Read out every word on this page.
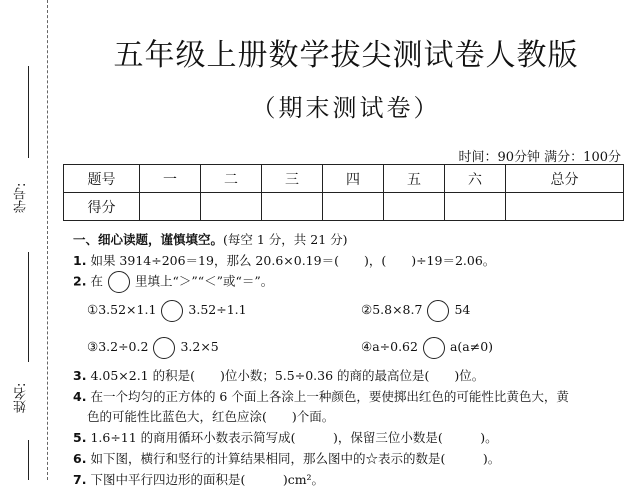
学号:
姓名:
五年级上册数学拔尖测试卷人教版
（期末测试卷）
时间：90分钟 满分：100分
题号	一	二	三	四	五	六	总分
得分							
一、细心读题，谨慎填空。(每空 1 分，共 21 分)
1. 如果 3914÷206＝19，那么 20.6×0.19＝(　　)，(　　)÷19＝2.06。
2. 在	里填上“＞”“＜”或“＝”。
①3.52×1.1	3.52÷1.1	②5.8×8.7	54
③3.2÷0.2	3.2×5	④a÷0.62	a(a≠0)
3. 4.05×2.1 的积是(　　)位小数；5.5÷0.36 的商的最高位是(　　)位。
4. 在一个均匀的正方体的 6 个面上各涂上一种颜色，要使掷出红色的可能性比黄色大，黄
色的可能性比蓝色大，红色应涂(　　)个面。
5. 1.6÷11 的商用循环小数表示简写成(　　　)，保留三位小数是(　　　)。
6. 如下图，横行和竖行的计算结果相同，那么图中的☆表示的数是(　　　)。
7. 下图中平行四边形的面积是(　　　)cm²。
